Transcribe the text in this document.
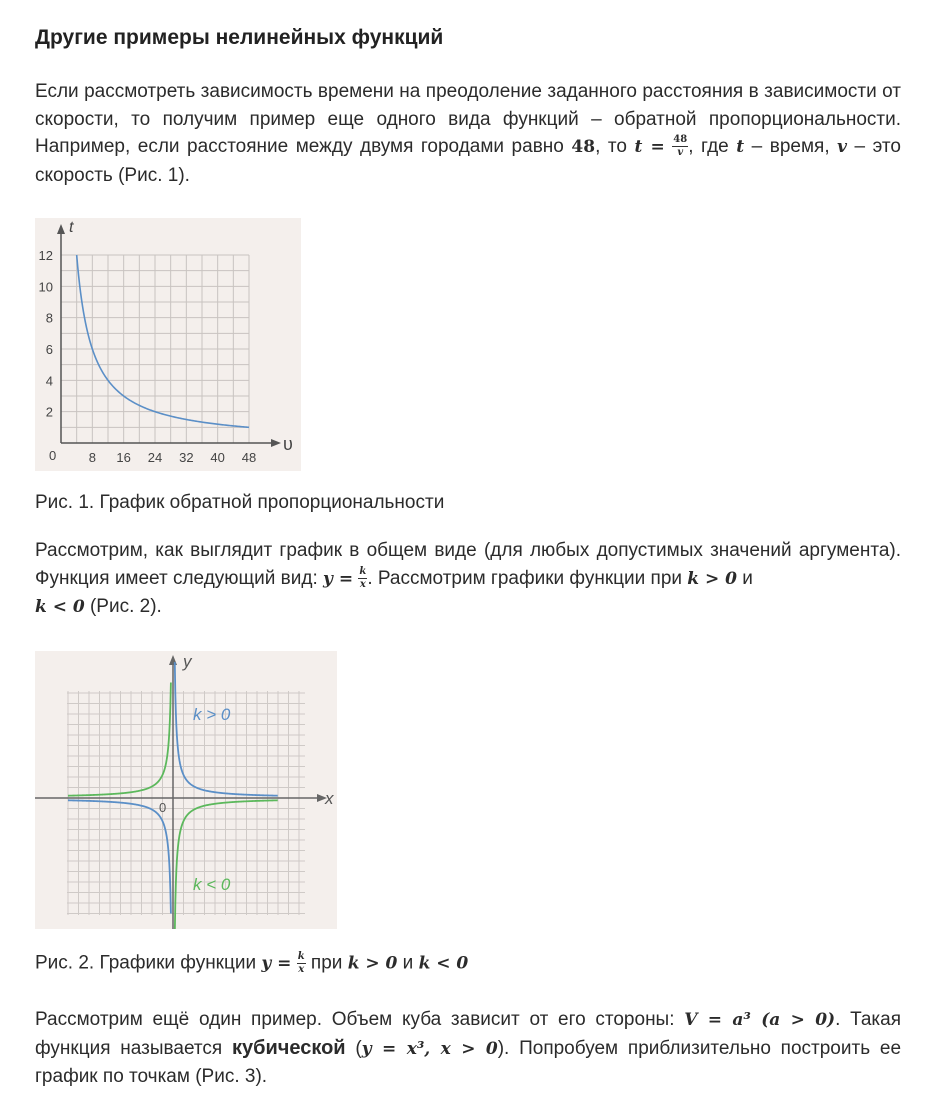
Другие примеры нелинейных функций

Если рассмотреть зависимость времени на преодоление заданного расстояния в зависимости от скорости, то получим пример еще одного вида функций – обратной пропорциональности. Например, если расстояние между двумя городами равно 48, то $t = \frac{48}{v}$ , где t – время, v – это скорость (Рис. 1).

t
υ
0
2
4
6
8
10
12
8 16 24 32 40 48

Рис. 1. График обратной пропорциональности

Рассмотрим, как выглядит график в общем виде (для любых допустимых значений аргумента). Функция имеет следующий вид: $y = \frac{k}{x}$ . Рассмотрим графики функции при k > 0 и
k < 0 (Рис. 2).

y
x
0
k > 0
k < 0

Рис. 2. Графики функции $y = \frac{k}{x}$ при k > 0 и k < 0

Рассмотрим ещё один пример. Объем куба зависит от его стороны: V = a³ (a > 0). Такая функция называется кубической (y = x³, x > 0). Попробуем приблизительно построить ее график по точкам (Рис. 3).
